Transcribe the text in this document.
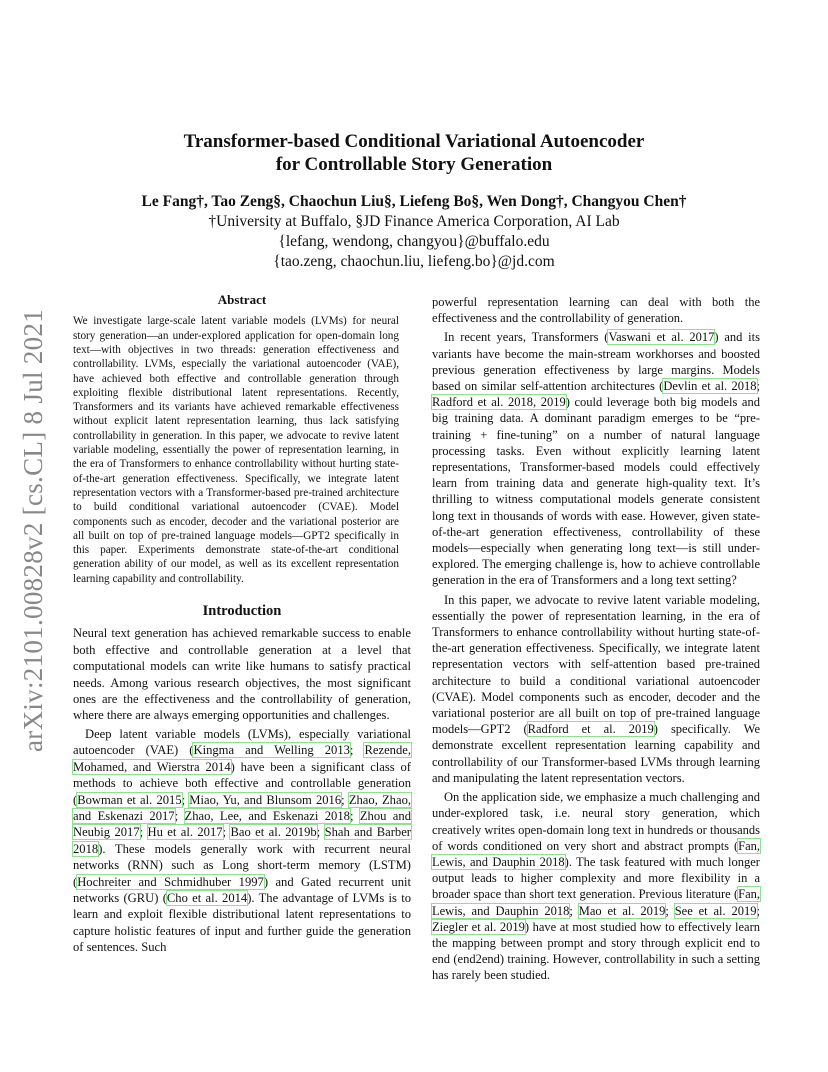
arXiv:2101.00828v2 [cs.CL] 8 Jul 2021
Transformer-based Conditional Variational Autoencoder
for Controllable Story Generation
Le Fang†, Tao Zeng§, Chaochun Liu§, Liefeng Bo§, Wen Dong†, Changyou Chen†
†University at Buffalo, §JD Finance America Corporation, AI Lab
{lefang, wendong, changyou}@buffalo.edu
{tao.zeng, chaochun.liu, liefeng.bo}@jd.com
Abstract

We investigate large-scale latent variable models (LVMs) for neural story generation—an under-explored application for open-domain long text—with objectives in two threads: generation effectiveness and controllability. LVMs, especially the variational autoencoder (VAE), have achieved both effective and controllable generation through exploiting flexible distributional latent representations. Recently, Transformers and its variants have achieved remarkable effectiveness without explicit latent representation learning, thus lack satisfying controllability in generation. In this paper, we advocate to revive latent variable modeling, essentially the power of representation learning, in the era of Transformers to enhance controllability without hurting state-of-the-art generation effectiveness. Specifically, we integrate latent representation vectors with a Transformer-based pre-trained architecture to build conditional variational autoencoder (CVAE). Model components such as encoder, decoder and the variational posterior are all built on top of pre-trained language models—GPT2 specifically in this paper. Experiments demonstrate state-of-the-art conditional generation ability of our model, as well as its excellent representation learning capability and controllability.

Introduction

Neural text generation has achieved remarkable success to enable both effective and controllable generation at a level that computational models can write like humans to satisfy practical needs. Among various research objectives, the most significant ones are the effectiveness and the controllability of generation, where there are always emerging opportunities and challenges.

Deep latent variable models (LVMs), especially variational autoencoder (VAE) (Kingma and Welling 2013; Rezende, Mohamed, and Wierstra 2014) have been a significant class of methods to achieve both effective and controllable generation (Bowman et al. 2015; Miao, Yu, and Blunsom 2016; Zhao, Zhao, and Eskenazi 2017; Zhao, Lee, and Eskenazi 2018; Zhou and Neubig 2017; Hu et al. 2017; Bao et al. 2019b; Shah and Barber 2018). These models generally work with recurrent neural networks (RNN) such as Long short-term memory (LSTM) (Hochreiter and Schmidhuber 1997) and Gated recurrent unit networks (GRU) (Cho et al. 2014). The advantage of LVMs is to learn and exploit flexible distributional latent representations to capture holistic features of input and further guide the generation of sentences. Such

powerful representation learning can deal with both the effectiveness and the controllability of generation.

In recent years, Transformers (Vaswani et al. 2017) and its variants have become the main-stream workhorses and boosted previous generation effectiveness by large margins. Models based on similar self-attention architectures (Devlin et al. 2018; Radford et al. 2018, 2019) could leverage both big models and big training data. A dominant paradigm emerges to be “pre-training + fine-tuning” on a number of natural language processing tasks. Even without explicitly learning latent representations, Transformer-based models could effectively learn from training data and generate high-quality text. It’s thrilling to witness computational models generate consistent long text in thousands of words with ease. However, given state-of-the-art generation effectiveness, controllability of these models—especially when generating long text—is still under-explored. The emerging challenge is, how to achieve controllable generation in the era of Transformers and a long text setting?

In this paper, we advocate to revive latent variable modeling, essentially the power of representation learning, in the era of Transformers to enhance controllability without hurting state-of-the-art generation effectiveness. Specifically, we integrate latent representation vectors with self-attention based pre-trained architecture to build a conditional variational autoencoder (CVAE). Model components such as encoder, decoder and the variational posterior are all built on top of pre-trained language models—GPT2 (Radford et al. 2019) specifically. We demonstrate excellent representation learning capability and controllability of our Transformer-based LVMs through learning and manipulating the latent representation vectors.

On the application side, we emphasize a much challenging and under-explored task, i.e. neural story generation, which creatively writes open-domain long text in hundreds or thousands of words conditioned on very short and abstract prompts (Fan, Lewis, and Dauphin 2018). The task featured with much longer output leads to higher complexity and more flexibility in a broader space than short text generation. Previous literature (Fan, Lewis, and Dauphin 2018; Mao et al. 2019; See et al. 2019; Ziegler et al. 2019) have at most studied how to effectively learn the mapping between prompt and story through explicit end to end (end2end) training. However, controllability in such a setting has rarely been studied.
